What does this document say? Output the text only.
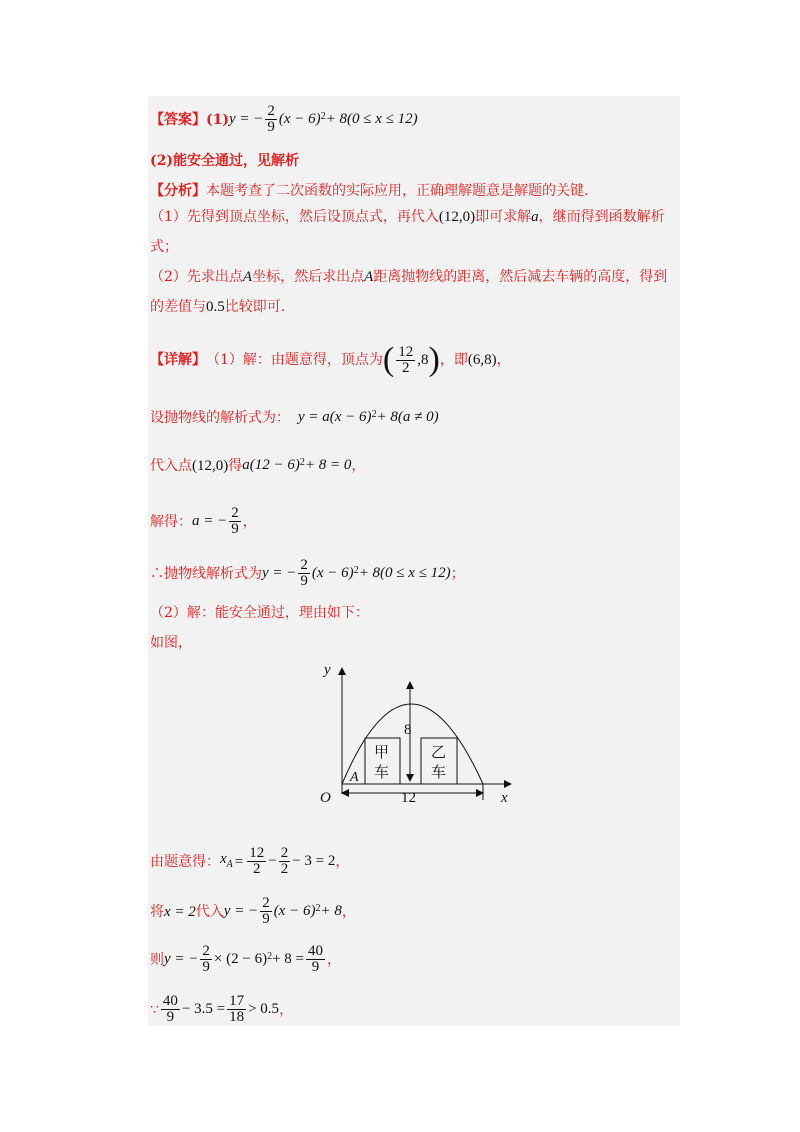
【答案】 (1) y = − $\frac{2}{9} (x - 6)^2+ 8(0 \le x \le 12)$
(2)能安全通过，见解析
【分析】 本题考查了二次函数的实际应用，正确理解题意是解题的关键.
（1）先得到顶点坐标，然后设顶点式，再代入 (12,0) 即可求解 a ，继而得到函数解析
式；
（2）先求出点 A 坐标，然后求出点 A 距离抛物线的距离，然后减去车辆的高度，得到
的差值与 0.5 比较即可.
【详解】 （1）解：由题意得，顶点为 ( $\frac{12}{2} ,8$ ) ，即 (6,8) ，
设抛物线的解析式为： $y = a(x - 6)^2+ 8(a \ne 0)$
代入点 (12,0) 得 $a(12 - 6)^2+ 8 = 0$ ，
解得： a = − $\frac{2}{9}$ ，
∴抛物线解析式为 y = − $\frac{2}{9} (x - 6)^2+ 8(0 \le x \le 12)$ ；
（2）解：能安全通过，理由如下：
如图，
y
x
O
A
8
12
甲
车
乙
车
由题意得： $x_A = \frac{12}{2} - \frac{2}{2} - 3 = 2$ ，
将 x = 2 代入 y = − $\frac{2}{9} (x - 6)^2+ 8$ ，
则 y = − $\frac{2}{9} \times (2 - 6)^2+ 8 = \frac{40}{9}$ ，
∵ $\frac{40}{9} - 3.5 = \frac{17}{18} > 0.5$ ，
